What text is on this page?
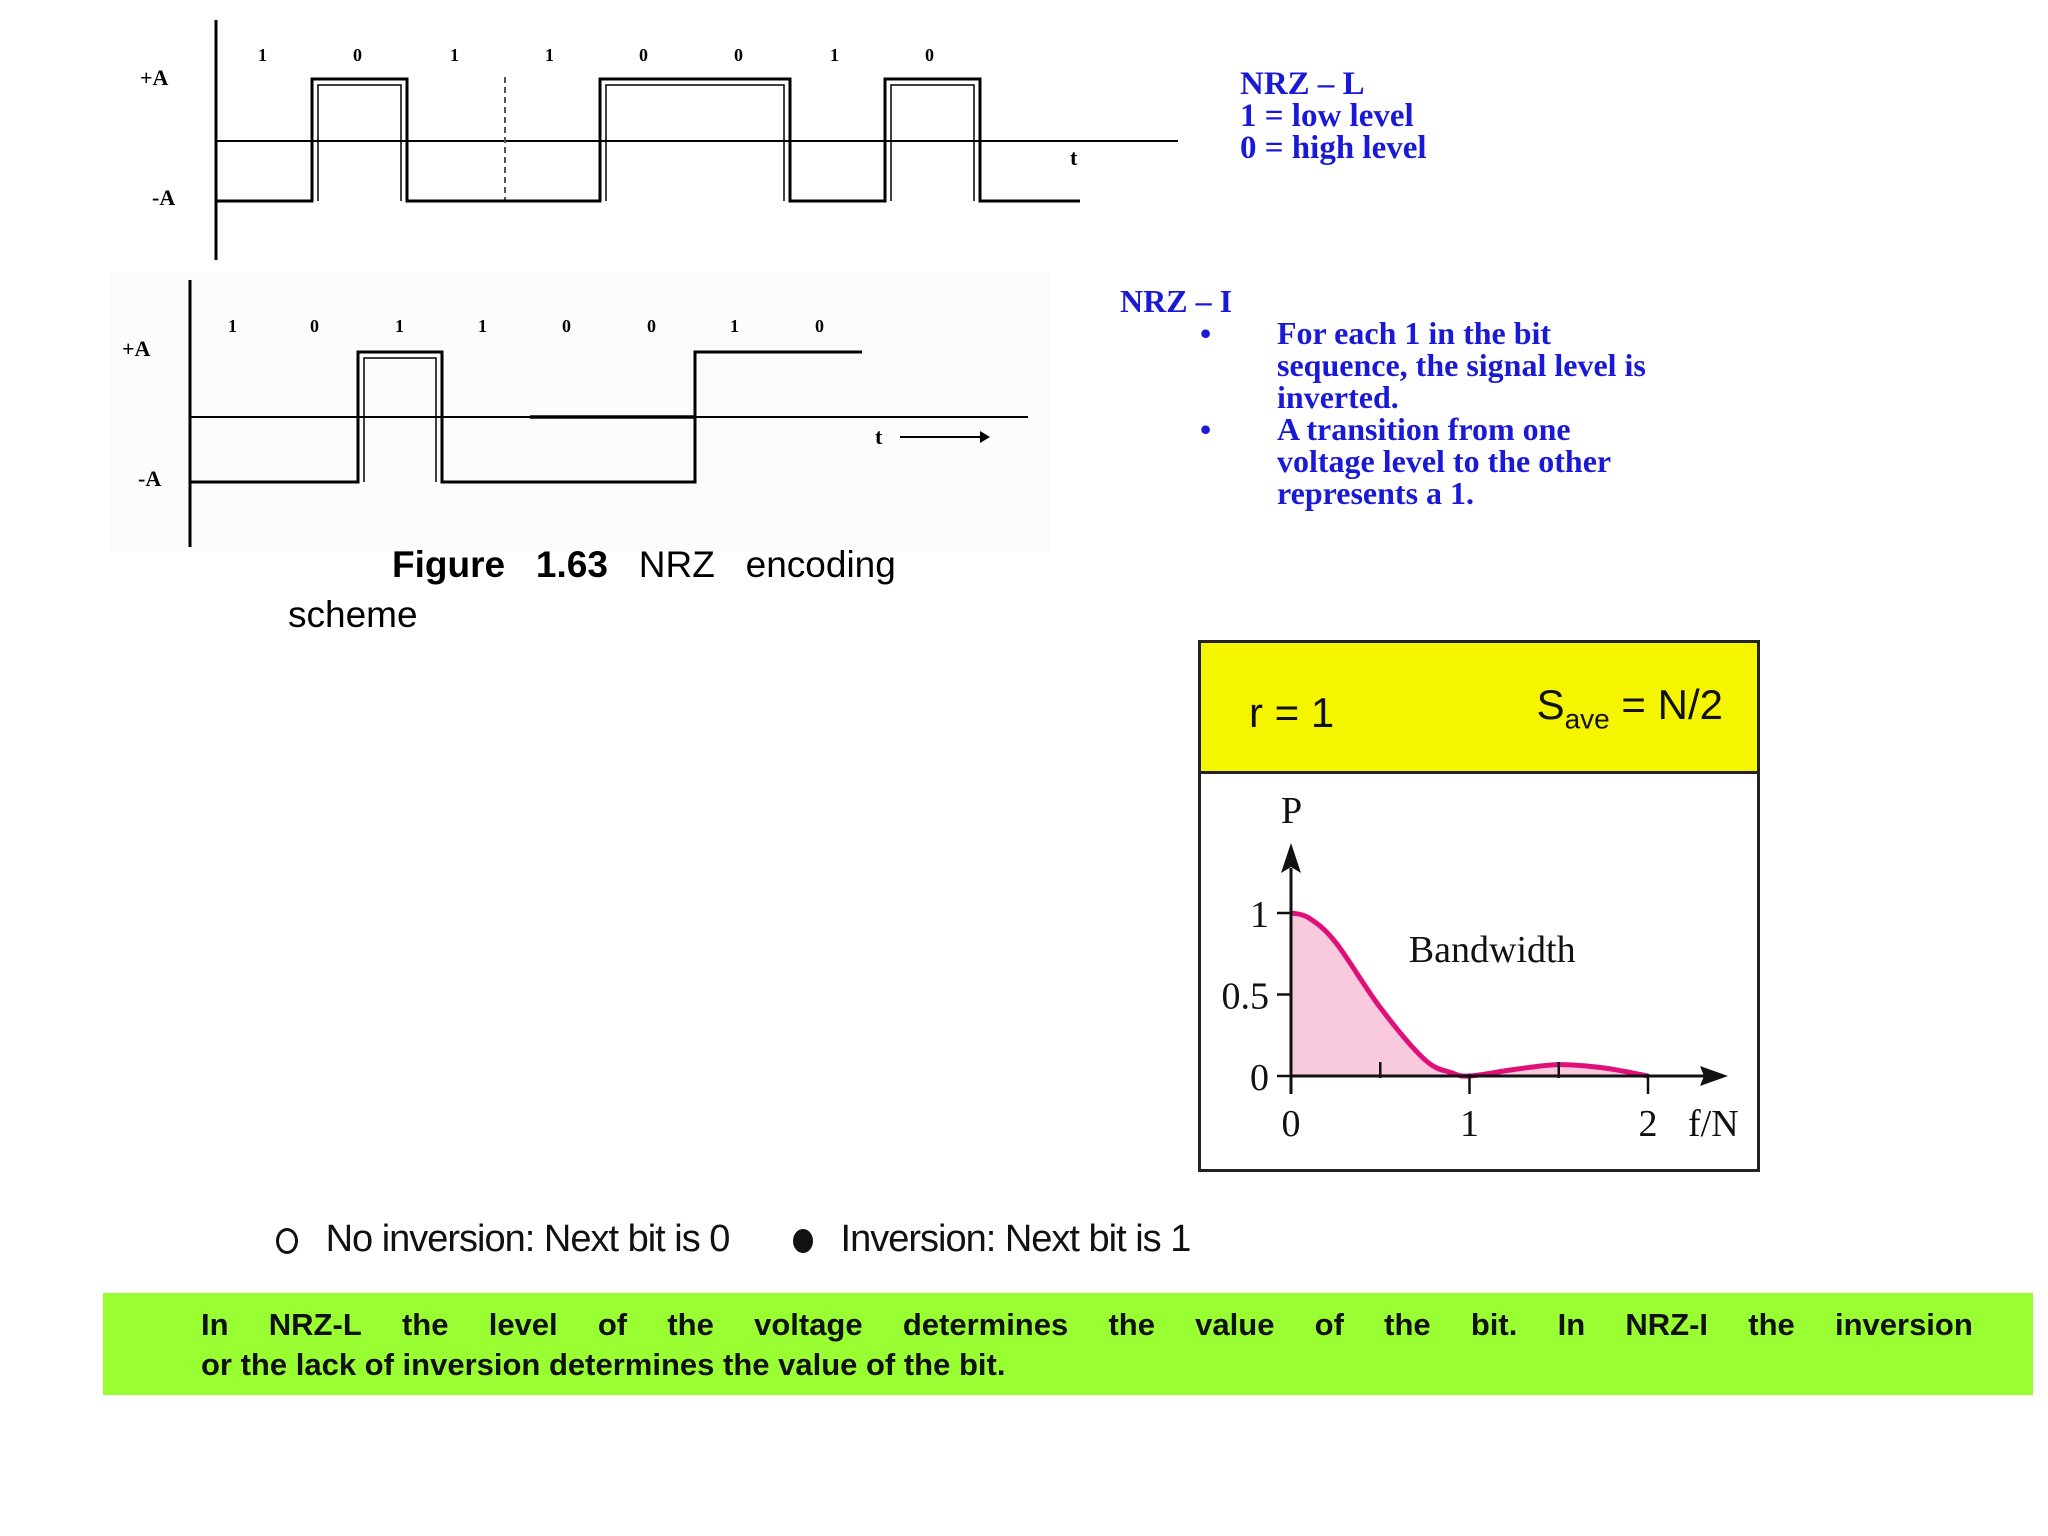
+A
-A
t
1	0	1	1	0	0	1	0
NRZ – L
1 = low level
0 = high level
+A
-A
t
1	0	1	1	0	0	1	0
NRZ – I
• For each 1 in the bit
sequence, the signal level is
inverted.
• A transition from one
voltage level to the other
represents a 1.
Figure 1.63 NRZ encoding
scheme
r = 1	$S_{ave} = N/2$
P
0
0.5
1
0	1	2 f/N
Bandwidth
No inversion: Next bit is 0	Inversion: Next bit is 1
In NRZ-L the level of the voltage determines the value of the bit. In NRZ-I the inversion
or the lack of inversion determines the value of the bit.
